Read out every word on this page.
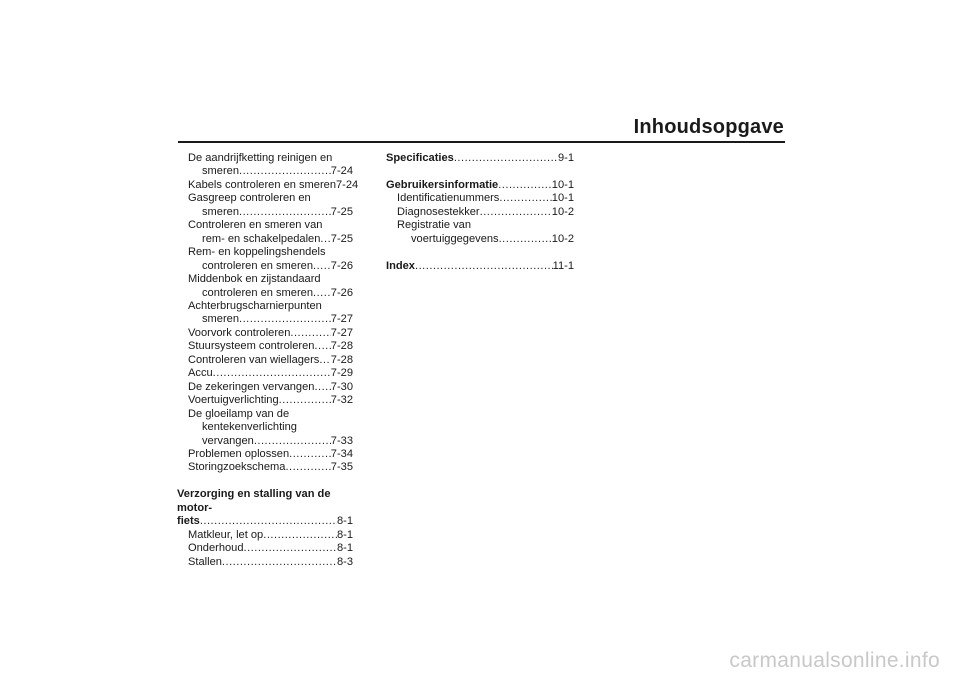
Inhoudsopgave
De aandrijfketting reinigen en
smeren .....	7-24
Kabels controleren en smeren 7-24
Gasgreep controleren en
smeren .....	7-25
Controleren en smeren van
rem- en schakelpedalen ..... 7-25
Rem- en koppelingshendels
controleren en smeren ..... 7-26
Middenbok en zijstandaard
controleren en smeren ..... 7-26
Achterbrugscharnierpunten
smeren .....	7-27
Voorvork controleren .....	7-27
Stuursysteem controleren ..... 7-28
Controleren van wiellagers ..... 7-28
Accu .....	7-29
De zekeringen vervangen ..... 7-30
Voertuigverlichting .....	7-32
De gloeilamp van de
kentekenverlichting
vervangen .....	7-33
Problemen oplossen .....	7-34
Storingzoekschema .....	7-35
Verzorging en stalling van de motor-
fiets .....	8-1
Matkleur, let op .....	8-1
Onderhoud .....	8-1
Stallen .....	8-3
Specificaties .....	9-1
Gebruikersinformatie .....	10-1
Identificatienummers .....	10-1
Diagnosestekker .....	10-2
Registratie van
voertuiggegevens .....	10-2
Index .....	11-1
carmanualsonline.info
